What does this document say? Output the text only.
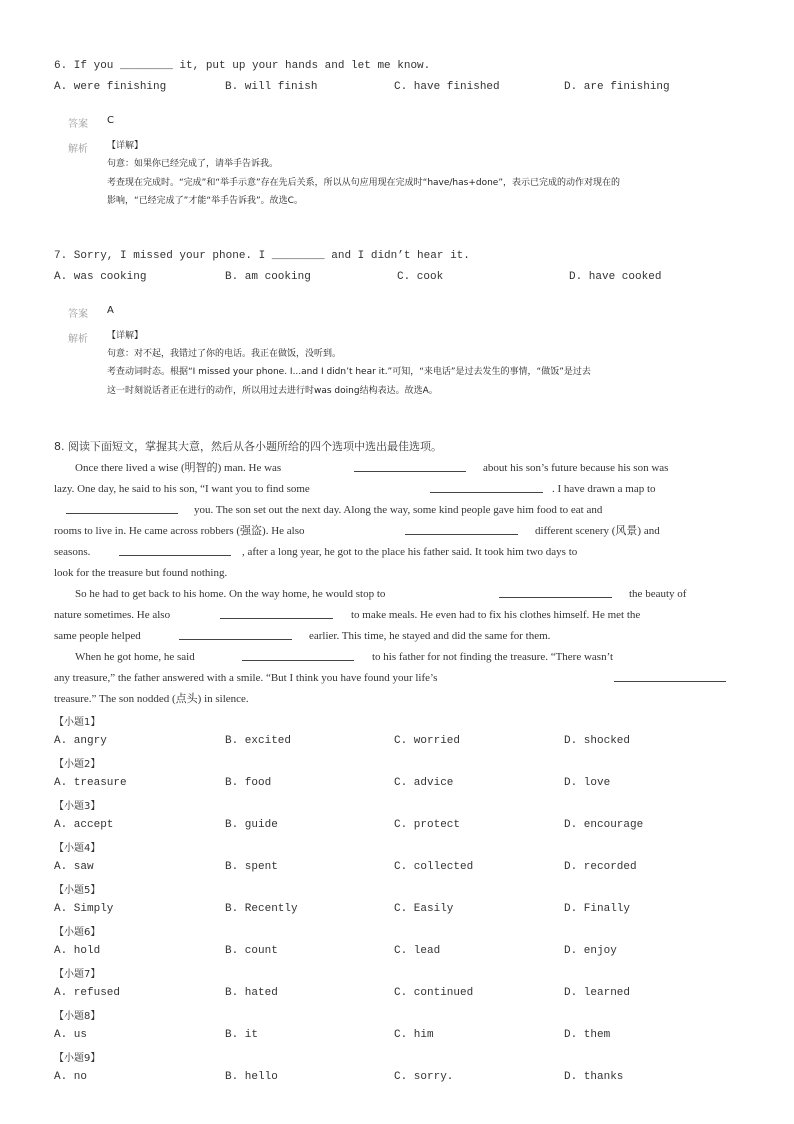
6. If you ________ it, put up your hands and let me know.
A. were finishing	B. will finish	C. have finished	D. are finishing
答案 C
解析 【详解】
句意：如果你已经完成了，请举手告诉我。
考查现在完成时。“完成”和“举手示意”存在先后关系，所以从句应用现在完成时“have/has+done”，表示已完成的动作对现在的
影响，“已经完成了”才能“举手告诉我”。故选C。
7. Sorry, I missed your phone. I ________ and I didn’t hear it.
A. was cooking	B. am cooking	C. cook	D. have cooked
答案 A
解析 【详解】
句意：对不起，我错过了你的电话。我正在做饭，没听到。
考查动词时态。根据“I missed your phone. I...and I didn’t hear it.”可知，“来电话”是过去发生的事情，“做饭”是过去
这一时刻说话者正在进行的动作，所以用过去进行时was doing结构表达。故选A。
8. 阅读下面短文，掌握其大意，然后从各小题所给的四个选项中选出最佳选项。
Once there lived a wise (明智的) man. He was	about his son’s future because his son was
lazy. One day, he said to his son, “I want you to find some	. I have drawn a map to
you. The son set out the next day. Along the way, some kind people gave him food to eat and
rooms to live in. He came across robbers (强盗). He also	different scenery (风景) and
seasons.	, after a long year, he got to the place his father said. It took him two days to
look for the treasure but found nothing.
So he had to get back to his home. On the way home, he would stop to	the beauty of
nature sometimes. He also	to make meals. He even had to fix his clothes himself. He met the
same people helped	earlier. This time, he stayed and did the same for them.
When he got home, he said	to his father for not finding the treasure. “There wasn’t
any treasure,” the father answered with a smile. “But I think you have found your life’s
treasure.” The son nodded (点头) in silence.
【小题1】
A. angry	B. excited	C. worried	D. shocked
【小题2】
A. treasure	B. food	C. advice	D. love
【小题3】
A. accept	B. guide	C. protect	D. encourage
【小题4】
A. saw	B. spent	C. collected	D. recorded
【小题5】
A. Simply	B. Recently	C. Easily	D. Finally
【小题6】
A. hold	B. count	C. lead	D. enjoy
【小题7】
A. refused	B. hated	C. continued	D. learned
【小题8】
A. us	B. it	C. him	D. them
【小题9】
A. no	B. hello	C. sorry.	D. thanks
